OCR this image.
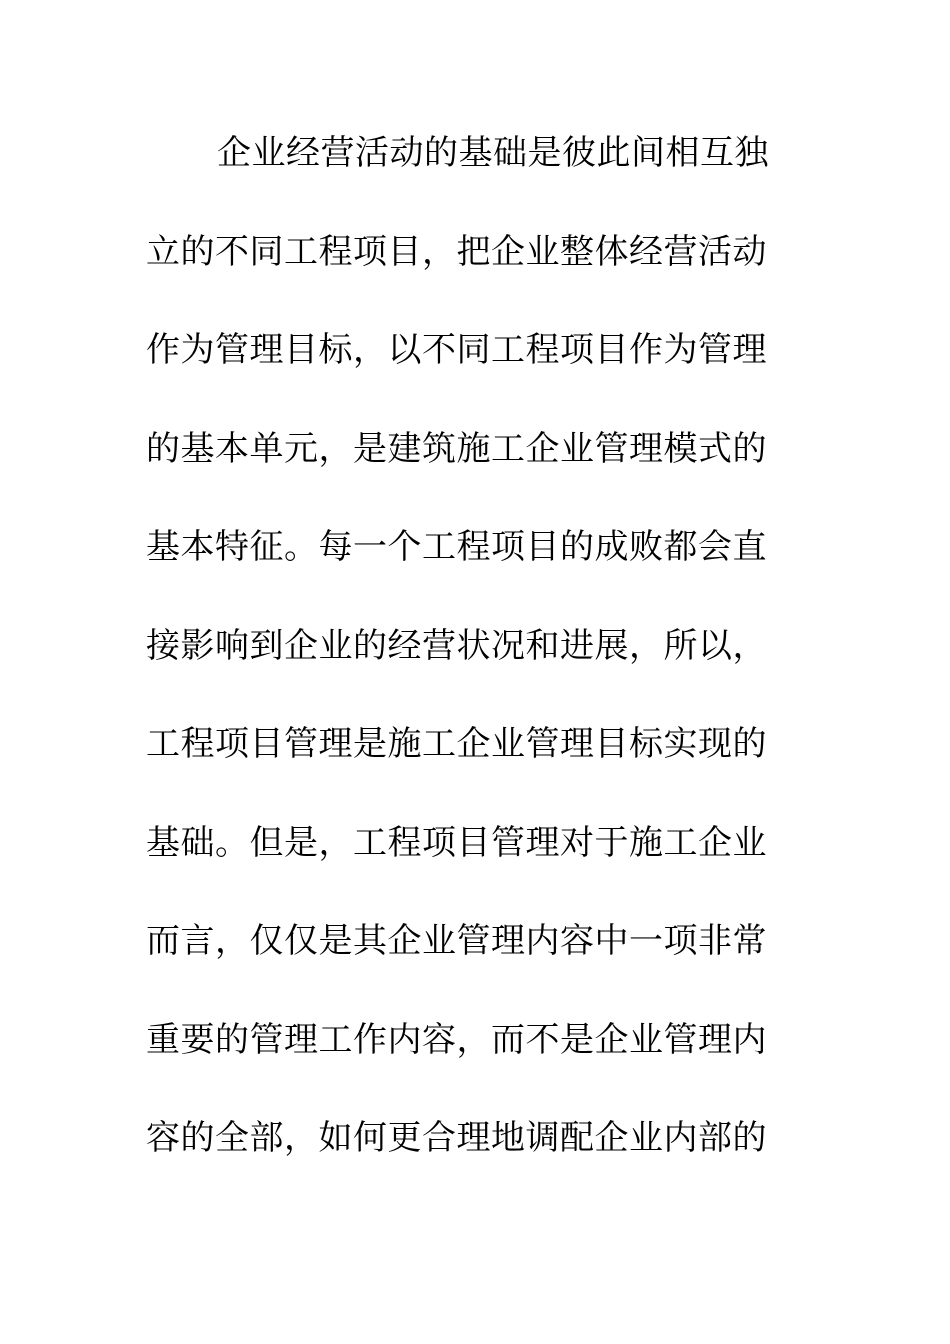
企业经营活动的基础是彼此间相互独
立的不同工程项目，把企业整体经营活动
作为管理目标，以不同工程项目作为管理
的基本单元，是建筑施工企业管理模式的
基本特征。每一个工程项目的成败都会直
接影响到企业的经营状况和进展，所以，
工程项目管理是施工企业管理目标实现的
基础。但是，工程项目管理对于施工企业
而言，仅仅是其企业管理内容中一项非常
重要的管理工作内容，而不是企业管理内
容的全部，如何更合理地调配企业内部的
